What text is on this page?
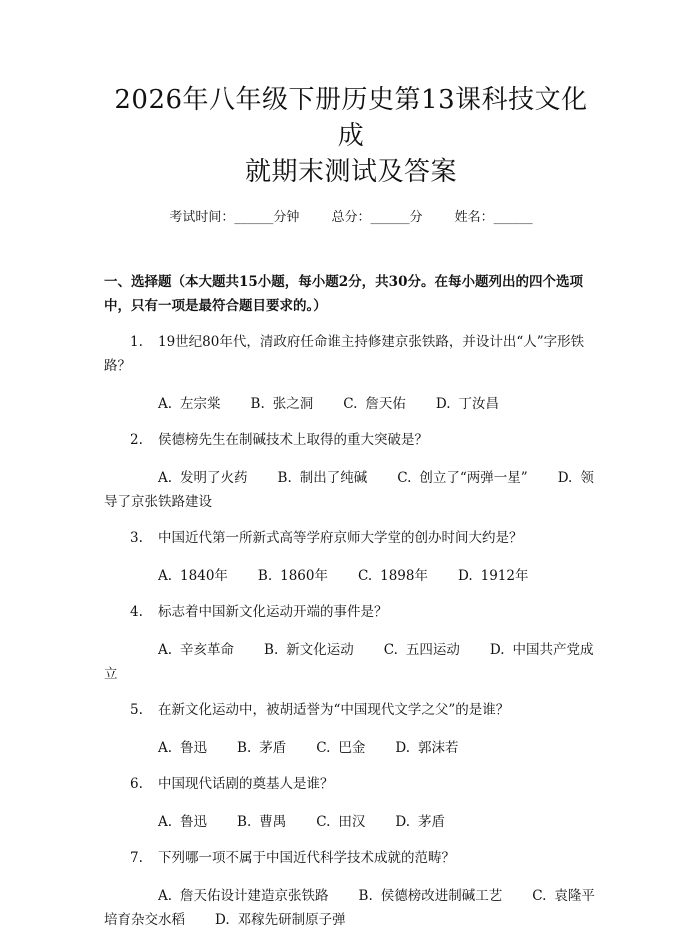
2026年八年级下册历史第13课科技文化成
就期末测试及答案
考试时间：______分钟 总分：______分 姓名：______
一、选择题（本大题共15小题，每小题2分，共30分。在每小题列出的四个选项中，只有一项是最符合题目要求的。）
1. 19世纪80年代，清政府任命谁主持修建京张铁路，并设计出“人”字形铁路？
A. 左宗棠 B. 张之洞 C. 詹天佑 D. 丁汝昌
2. 侯德榜先生在制碱技术上取得的重大突破是？
A. 发明了火药 B. 制出了纯碱 C. 创立了“两弹一星” D. 领导了京张铁路建设
3. 中国近代第一所新式高等学府京师大学堂的创办时间大约是？
A. 1840年 B. 1860年 C. 1898年 D. 1912年
4. 标志着中国新文化运动开端的事件是？
A. 辛亥革命 B. 新文化运动 C. 五四运动 D. 中国共产党成立
5. 在新文化运动中，被胡适誉为“中国现代文学之父”的是谁？
A. 鲁迅 B. 茅盾 C. 巴金 D. 郭沫若
6. 中国现代话剧的奠基人是谁？
A. 鲁迅 B. 曹禺 C. 田汉 D. 茅盾
7. 下列哪一项不属于中国近代科学技术成就的范畴？
A. 詹天佑设计建造京张铁路 B. 侯德榜改进制碱工艺 C. 袁隆平培育杂交水稻 D. 邓稼先研制原子弹
